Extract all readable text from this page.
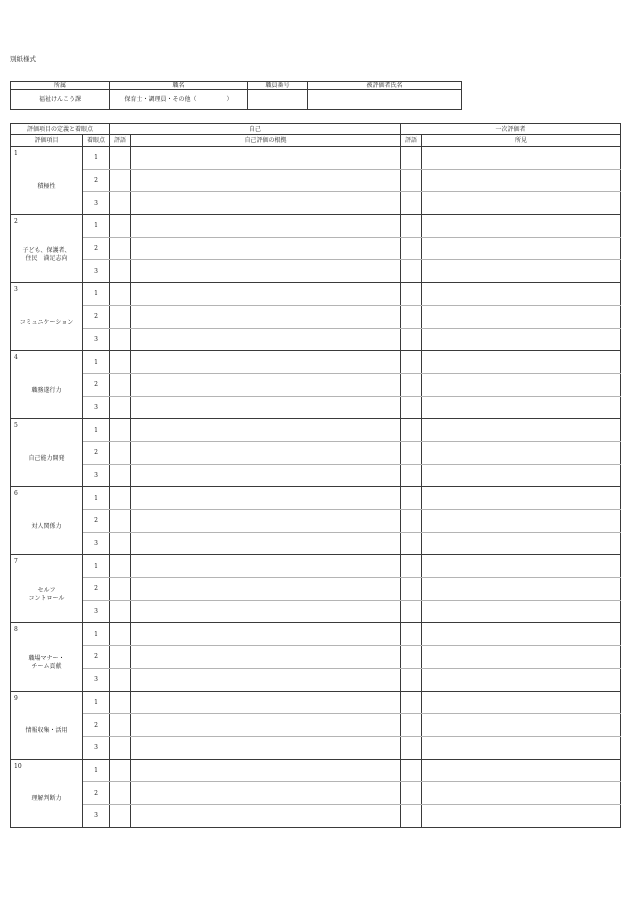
別紙様式
所属	職名	職員番号	被評価者氏名
福祉けんこう課	保育士・調理員・その他（　　　　　）		
評価項目の定義と着眼点		自己		一次評価者	
評価項目	着眼点	評語	自己評価の根拠	評語	所見

1
積極性	1				
	2				
	3				

2
子ども、保護者、
住民　満足志向	1				
	2				
	3				

3
コミュニケーション	1				
	2				
	3				

4
職務遂行力	1				
	2				
	3				

5
自己能力開発	1				
	2				
	3				

6
対人関係力	1				
	2				
	3				

7
セルフ
コントロール	1				
	2				
	3				

8
職場マナー・
チーム貢献	1				
	2				
	3				

9
情報収集・活用	1				
	2				
	3				

10
理解判断力	1				
	2				
	3				
